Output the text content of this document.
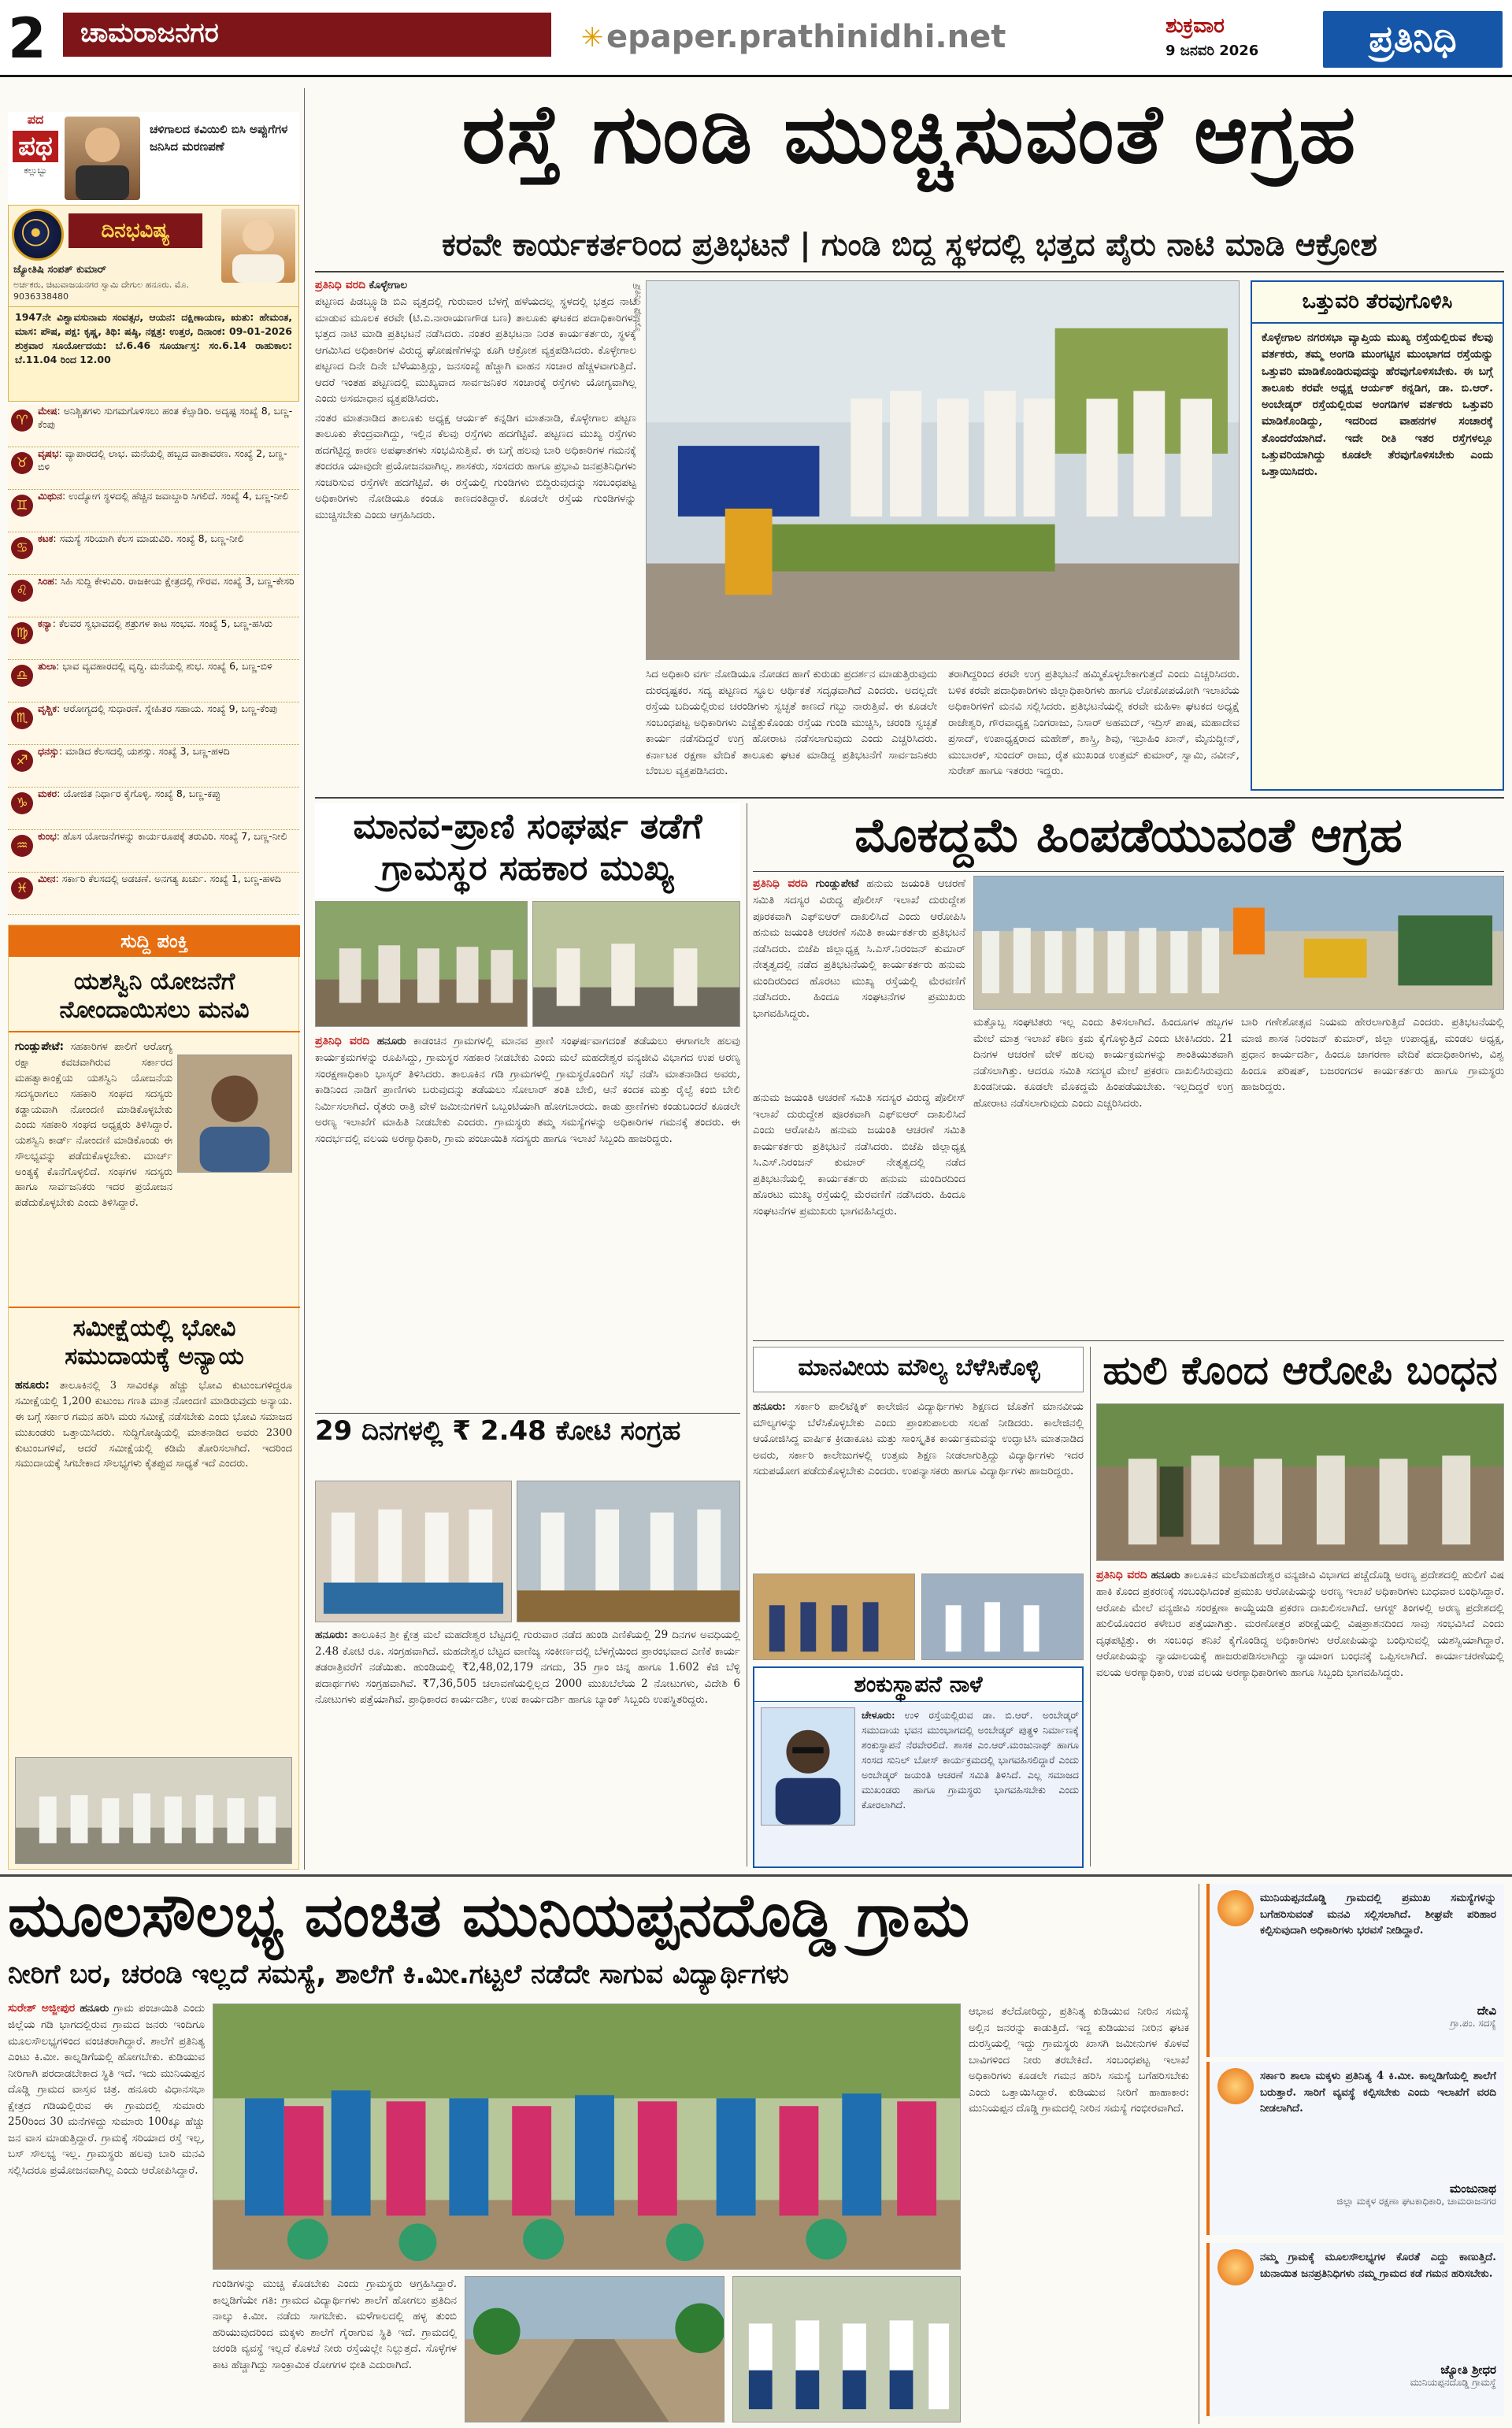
2	ಚಾಮರಾಜನಗರ	✳ epaper.prathinidhi.net	ಶುಕ್ರವಾರ
9 ಜನವರಿ 2026	ಪ್ರತಿನಿಧಿ
ಪದ
ಪಥ
ಕಲ್ಲುಬ್ಬು
ಚಳಿಗಾಲದ ಕವಿಯಿಲಿ ಬಿಸಿ ಅಪ್ಪುಗೆಗಳ ಜನಿಸಿದ ಮರಣಪಣೆ
ದಿನಭವಿಷ್ಯ
ಜ್ಯೋತಿಷಿ ಸಂಪತ್ ಕುಮಾರ್
ಅರ್ಚಕರು, ಚಿಟುವಾಜಯನಗರ ಸ್ವಾಮಿ ದೇಗುಲ ಹನೂರು. ಮೊ. 9036338480
1947ನೇ ವಿಶ್ವಾವಸುನಾಮ ಸಂವತ್ಸರ, ಆಯನ: ದಕ್ಷಿಣಾಯಣ, ಋತು: ಹೇಮಂತ, ಮಾಸ: ಪೌಷ, ಪಕ್ಷ: ಕೃಷ್ಣ, ತಿಥಿ: ಷಷ್ಠಿ, ನಕ್ಷತ್ರ: ಉತ್ತರ, ದಿನಾಂಕ: 09-01-2026 ಶುಕ್ರವಾರ ಸೂರ್ಯೋದಯ: ಬೆ.6.46 ಸೂರ್ಯಾಸ್ತ: ಸಂ.6.14 ರಾಹುಕಾಲ: ಬೆ.11.04 ರಿಂದ 12.00
♈
ಮೇಷ: ಅನಿಶ್ಚಿತಗಳು ಸುಗಮಗೊಳಿಸಲು ಹಂತ ಕೆಲ್ಸಾಡಿರಿ. ಅದೃಷ್ಟ ಸಂಖ್ಯೆ 8, ಬಣ್ಣ-ಕೆಂಪು
♉
ವೃಷಭ: ವ್ಯಾಪಾರದಲ್ಲಿ ಲಾಭ. ಮನೆಯಲ್ಲಿ ಹಬ್ಬದ ವಾತಾವರಣ. ಸಂಖ್ಯೆ 2, ಬಣ್ಣ-ಬಿಳಿ
♊
ಮಿಥುನ: ಉದ್ಯೋಗ ಸ್ಥಳದಲ್ಲಿ ಹೆಚ್ಚಿನ ಜವಾಬ್ದಾರಿ ಸಿಗಲಿದೆ. ಸಂಖ್ಯೆ 4, ಬಣ್ಣ-ನೀಲಿ
♋
ಕಟಕ: ಸಮಸ್ಯೆ ಸರಿಯಾಗಿ ಕೆಲಸ ಮಾಡುವಿರಿ. ಸಂಖ್ಯೆ 8, ಬಣ್ಣ-ನೀಲಿ
♌
ಸಿಂಹ: ಸಿಹಿ ಸುದ್ದಿ ಕೇಳುವಿರಿ. ರಾಜಕೀಯ ಕ್ಷೇತ್ರದಲ್ಲಿ ಗೌರವ. ಸಂಖ್ಯೆ 3, ಬಣ್ಣ-ಕೇಸರಿ
♍
ಕನ್ಯಾ: ಕೆಲವರ ಸ್ವಭಾವದಲ್ಲಿ ಶತ್ರುಗಳ ಕಾಟ ಸಂಭವ. ಸಂಖ್ಯೆ 5, ಬಣ್ಣ-ಹಸಿರು
♎
ತುಲಾ: ಭಾವ ವ್ಯವಹಾರದಲ್ಲಿ ವೃದ್ಧಿ. ಮನೆಯಲ್ಲಿ ಶುಭ. ಸಂಖ್ಯೆ 6, ಬಣ್ಣ-ಬಿಳಿ
♏
ವೃಶ್ಚಿಕ: ಆರೋಗ್ಯದಲ್ಲಿ ಸುಧಾರಣೆ. ಸ್ನೇಹಿತರ ಸಹಾಯ. ಸಂಖ್ಯೆ 9, ಬಣ್ಣ-ಕೆಂಪು
♐
ಧನಸ್ಸು: ಮಾಡಿದ ಕೆಲಸದಲ್ಲಿ ಯಶಸ್ಸು. ಸಂಖ್ಯೆ 3, ಬಣ್ಣ-ಹಳದಿ
♑
ಮಕರ: ಯೋಜಿತ ನಿರ್ಧಾರ ಕೈಗೊಳ್ಳಿ. ಸಂಖ್ಯೆ 8, ಬಣ್ಣ-ಕಪ್ಪು
♒
ಕುಂಭ: ಹೊಸ ಯೋಜನೆಗಳನ್ನು ಕಾರ್ಯರೂಪಕ್ಕೆ ತರುವಿರಿ. ಸಂಖ್ಯೆ 7, ಬಣ್ಣ-ನೀಲಿ
♓
ಮೀನ: ಸರ್ಕಾರಿ ಕೆಲಸದಲ್ಲಿ ಅಡಚಣೆ. ಅನಗತ್ಯ ಖರ್ಚು. ಸಂಖ್ಯೆ 1, ಬಣ್ಣ-ಹಳದಿ
ಸುದ್ದಿ ಪಂಕ್ತಿ
ಯಶಸ್ವಿನಿ ಯೋಜನೆಗೆ ನೋಂದಾಯಿಸಲು ಮನವಿ
ಗುಂಡ್ಲುಪೇಟೆ: ಸಹಕಾರಿಗಳ ಪಾಲಿಗೆ ಆರೋಗ್ಯ ರಕ್ಷಾ ಕವಚವಾಗಿರುವ ಸರ್ಕಾರದ ಮಹತ್ವಾಕಾಂಕ್ಷೆಯ ಯಶಸ್ವಿನಿ ಯೋಜನೆಯ ಸದಸ್ಯರಾಗಲು ಸಹಕಾರಿ ಸಂಘದ ಸದಸ್ಯರು ಕಡ್ಡಾಯವಾಗಿ ನೋಂದಣಿ ಮಾಡಿಕೊಳ್ಳಬೇಕು ಎಂದು ಸಹಕಾರಿ ಸಂಘದ ಅಧ್ಯಕ್ಷರು ತಿಳಿಸಿದ್ದಾರೆ. ಯಶಸ್ವಿನಿ ಕಾರ್ಡ್ ನೋಂದಣಿ ಮಾಡಿಕೊಂಡು ಈ ಸೌಲಭ್ಯವನ್ನು ಪಡೆದುಕೊಳ್ಳಬೇಕು. ಮಾರ್ಚ್ ಅಂತ್ಯಕ್ಕೆ ಕೊನೆಗೊಳ್ಳಲಿದೆ. ಸಂಘಗಳ ಸದಸ್ಯರು ಹಾಗೂ ಸಾರ್ವಜನಿಕರು ಇದರ ಪ್ರಯೋಜನ ಪಡೆದುಕೊಳ್ಳಬೇಕು ಎಂದು ತಿಳಿಸಿದ್ದಾರೆ.
ಸಮೀಕ್ಷೆಯಲ್ಲಿ ಭೋವಿ ಸಮುದಾಯಕ್ಕೆ ಅನ್ಯಾಯ
ಹನೂರು: ತಾಲೂಕಿನಲ್ಲಿ 3 ಸಾವಿರಕ್ಕೂ ಹೆಚ್ಚು ಭೋವಿ ಕುಟುಂಬಗಳಿದ್ದರೂ ಸಮೀಕ್ಷೆಯಲ್ಲಿ 1,200 ಕುಟುಂಬ ಗಣತಿ ಮಾತ್ರ ನೋಂದಣಿ ಮಾಡಿರುವುದು ಅನ್ಯಾಯ. ಈ ಬಗ್ಗೆ ಸರ್ಕಾರ ಗಮನ ಹರಿಸಿ ಮರು ಸಮೀಕ್ಷೆ ನಡೆಸಬೇಕು ಎಂದು ಭೋವಿ ಸಮಾಜದ ಮುಖಂಡರು ಒತ್ತಾಯಿಸಿದರು. ಸುದ್ದಿಗೋಷ್ಠಿಯಲ್ಲಿ ಮಾತನಾಡಿದ ಅವರು 2300 ಕುಟುಂಬಗಳಿವೆ, ಆದರೆ ಸಮೀಕ್ಷೆಯಲ್ಲಿ ಕಡಿಮೆ ತೋರಿಸಲಾಗಿದೆ. ಇದರಿಂದ ಸಮುದಾಯಕ್ಕೆ ಸಿಗಬೇಕಾದ ಸೌಲಭ್ಯಗಳು ಕೈತಪ್ಪುವ ಸಾಧ್ಯತೆ ಇದೆ ಎಂದರು.
ರಸ್ತೆ ಗುಂಡಿ ಮುಚ್ಚಿಸುವಂತೆ ಆಗ್ರಹ
ಕರವೇ ಕಾರ್ಯಕರ್ತರಿಂದ ಪ್ರತಿಭಟನೆ | ಗುಂಡಿ ಬಿದ್ದ ಸ್ಥಳದಲ್ಲಿ ಭತ್ತದ ಪೈರು ನಾಟಿ ಮಾಡಿ ಆಕ್ರೋಶ
ಪ್ರತಿನಿಧಿ ವರದಿ ಕೊಳ್ಳೇಗಾಲ

ಪಟ್ಟಣದ ಪಿಡಬ್ಲ್ಯೂಡಿ ಬಿಎ ವೃತ್ತದಲ್ಲಿ ಗುರುವಾರ ಬೆಳಗ್ಗೆ ಹಳೆಯದಲ್ಲ ಸ್ಥಳದಲ್ಲಿ ಭತ್ತದ ನಾಟಿ ಮಾಡುವ ಮೂಲಕ ಕರವೇ (ಟಿ.ಎ.ನಾರಾಯಣಗೌಡ ಬಣ) ತಾಲೂಕು ಘಟಕದ ಪದಾಧಿಕಾರಿಗಳು ಭತ್ತದ ನಾಟಿ ಮಾಡಿ ಪ್ರತಿಭಟನೆ ನಡೆಸಿದರು. ನಂತರ ಪ್ರತಿಭಟನಾ ನಿರತ ಕಾರ್ಯಕರ್ತರು, ಸ್ಥಳಕ್ಕೆ ಆಗಮಿಸಿದ ಅಧಿಕಾರಿಗಳ ವಿರುದ್ಧ ಘೋಷಣೆಗಳನ್ನು ಕೂಗಿ ಆಕ್ರೋಶ ವ್ಯಕ್ತಪಡಿಸಿದರು. ಕೊಳ್ಳೇಗಾಲ ಪಟ್ಟಣದ ದಿನೇ ದಿನೇ ಬೆಳೆಯುತ್ತಿದ್ದು, ಜನಸಂಖ್ಯೆ ಹೆಚ್ಚಾಗಿ ವಾಹನ ಸಂಚಾರ ಹೆಚ್ಚಳವಾಗುತ್ತಿದೆ. ಆದರೆ ಇಂತಹ ಪಟ್ಟಣದಲ್ಲಿ ಮುಖ್ಯವಾದ ಸಾರ್ವಜನಿಕರ ಸಂಚಾರಕ್ಕೆ ರಸ್ತೆಗಳು ಯೋಗ್ಯವಾಗಿಲ್ಲ ಎಂದು ಅಸಮಾಧಾನ ವ್ಯಕ್ತಪಡಿಸಿದರು.

ನಂತರ ಮಾತನಾಡಿದ ತಾಲೂಕು ಅಧ್ಯಕ್ಷ ಆರ್ಯಕ್ ಕನ್ನಡಿಗ ಮಾತನಾಡಿ, ಕೊಳ್ಳೇಗಾಲ ಪಟ್ಟಣ ತಾಲೂಕು ಕೇಂದ್ರವಾಗಿದ್ದು, ಇಲ್ಲಿನ ಕೆಲವು ರಸ್ತೆಗಳು ಹದಗೆಟ್ಟಿವೆ. ಪಟ್ಟಣದ ಮುಖ್ಯ ರಸ್ತೆಗಳು ಹದಗೆಟ್ಟಿದ್ದ ಕಾರಣ ಅಪಘಾತಗಳು ಸಂಭವಿಸುತ್ತಿವೆ. ಈ ಬಗ್ಗೆ ಹಲವು ಬಾರಿ ಅಧಿಕಾರಿಗಳ ಗಮನಕ್ಕೆ ತಂದರೂ ಯಾವುದೇ ಪ್ರಯೋಜನವಾಗಿಲ್ಲ. ಶಾಸಕರು, ಸಂಸದರು ಹಾಗೂ ಪ್ರಭಾವಿ ಜನಪ್ರತಿನಿಧಿಗಳು ಸಂಚರಿಸುವ ರಸ್ತೆಗಳೇ ಹದಗೆಟ್ಟಿವೆ. ಈ ರಸ್ತೆಯಲ್ಲಿ ಗುಂಡಿಗಳು ಬಿದ್ದಿರುವುದನ್ನು ಸಂಬಂಧಪಟ್ಟ ಅಧಿಕಾರಿಗಳು ನೋಡಿಯೂ ಕಂಡೂ ಕಾಣದಂತಿದ್ದಾರೆ. ಕೂಡಲೇ ರಸ್ತೆಯ ಗುಂಡಿಗಳನ್ನು ಮುಚ್ಚಿಸಬೇಕು ಎಂದು ಆಗ್ರಹಿಸಿದರು.

ಪ್ರತಿನಿಧಿ ಫೋಟೊ
ಸಿದ ಅಧಿಕಾರಿ ವರ್ಗ ನೋಡಿಯೂ ನೋಡದ ಹಾಗೆ ಕುರುಡು ಪ್ರದರ್ಶನ ಮಾಡುತ್ತಿರುವುದು ದುರದೃಷ್ಟಕರ. ಸದ್ಯ ಪಟ್ಟಣದ ಸ್ಥೂಲ ಆರ್ಥಿಕತೆ ಸದೃಢವಾಗಿದೆ ಎಂದರು. ಅದಲ್ಲದೇ ರಸ್ತೆಯ ಬದಿಯಲ್ಲಿರುವ ಚರಂಡಿಗಳು ಸ್ವಚ್ಛತೆ ಕಾಣದೆ ಗಬ್ಬು ನಾರುತ್ತಿವೆ. ಈ ಕೂಡಲೇ ಸಂಬಂಧಪಟ್ಟ ಅಧಿಕಾರಿಗಳು ಎಚ್ಚೆತ್ತುಕೊಂಡು ರಸ್ತೆಯ ಗುಂಡಿ ಮುಚ್ಚಿಸಿ, ಚರಂಡಿ ಸ್ವಚ್ಛತೆ ಕಾರ್ಯ ನಡೆಸದಿದ್ದರೆ ಉಗ್ರ ಹೋರಾಟ ನಡೆಸಲಾಗುವುದು ಎಂದು ಎಚ್ಚರಿಸಿದರು. ಕರ್ನಾಟಕ ರಕ್ಷಣಾ ವೇದಿಕೆ ತಾಲೂಕು ಘಟಕ ಮಾಡಿದ್ದ ಪ್ರತಿಭಟನೆಗೆ ಸಾರ್ವಜನಿಕರು ಬೆಂಬಲ ವ್ಯಕ್ತಪಡಿಸಿದರು.
ತರಾಗಿದ್ದರಿಂದ ಕರವೇ ಉಗ್ರ ಪ್ರತಿಭಟನೆ ಹಮ್ಮಿಕೊಳ್ಳಬೇಕಾಗುತ್ತದೆ ಎಂದು ಎಚ್ಚರಿಸಿದರು. ಬಳಿಕ ಕರವೇ ಪದಾಧಿಕಾರಿಗಳು ಜಿಲ್ಲಾಧಿಕಾರಿಗಳು ಹಾಗೂ ಲೋಕೋಪಯೋಗಿ ಇಲಾಖೆಯ ಅಧಿಕಾರಿಗಳಿಗೆ ಮನವಿ ಸಲ್ಲಿಸಿದರು. ಪ್ರತಿಭಟನೆಯಲ್ಲಿ ಕರವೇ ಮಹಿಳಾ ಘಟಕದ ಅಧ್ಯಕ್ಷೆ ರಾಜೇಶ್ವರಿ, ಗೌರವಾಧ್ಯಕ್ಷ ನಿಂಗರಾಜು, ನಿಸಾರ್ ಅಹಮದ್, ಇದ್ರಿಸ್ ಪಾಷ, ಮಹಾದೇವ ಪ್ರಸಾದ್, ಉಪಾಧ್ಯಕ್ಷರಾದ ಮಹೇಶ್, ಶಾಸ್ತ್ರಿ, ಶಿವು, ಇಬ್ರಾಹಿಂ ಖಾನ್, ಮೈನುದ್ದೀನ್, ಮುಬಾರಕ್, ಸುಂದರ್ ರಾಜು, ರೈತ ಮುಖಂಡ ಉತ್ತಮ್ ಕುಮಾರ್, ಸ್ವಾಮಿ, ನವೀನ್, ಸುರೇಶ್ ಹಾಗೂ ಇತರರು ಇದ್ದರು.
ಒತ್ತುವರಿ ತೆರವುಗೊಳಿಸಿ
ಕೊಳ್ಳೇಗಾಲ ನಗರಸಭಾ ವ್ಯಾಪ್ತಿಯ ಮುಖ್ಯ ರಸ್ತೆಯಲ್ಲಿರುವ ಕೆಲವು ವರ್ತಕರು, ತಮ್ಮ ಅಂಗಡಿ ಮುಂಗಟ್ಟಿನ ಮುಂಭಾಗದ ರಸ್ತೆಯನ್ನು ಒತ್ತುವರಿ ಮಾಡಿಕೊಂಡಿರುವುದನ್ನು ಹೆರವುಗೊಳಿಸಬೇಕು. ಈ ಬಗ್ಗೆ ತಾಲೂಕು ಕರವೇ ಅಧ್ಯಕ್ಷ ಆರ್ಯಕ್ ಕನ್ನಡಿಗ, ಡಾ. ಬಿ.ಆರ್. ಅಂಬೇಡ್ಕರ್ ರಸ್ತೆಯಲ್ಲಿರುವ ಅಂಗಡಿಗಳ ವರ್ತಕರು ಒತ್ತುವರಿ ಮಾಡಿಕೊಂಡಿದ್ದು, ಇದರಿಂದ ವಾಹನಗಳ ಸಂಚಾರಕ್ಕೆ ತೊಂದರೆಯಾಗಿದೆ. ಇದೇ ರೀತಿ ಇತರ ರಸ್ತೆಗಳಲ್ಲೂ ಒತ್ತುವರಿಯಾಗಿದ್ದು ಕೂಡಲೇ ತೆರವುಗೊಳಿಸಬೇಕು ಎಂದು ಒತ್ತಾಯಿಸಿದರು.
ಮಾನವ-ಪ್ರಾಣಿ ಸಂಘರ್ಷ ತಡೆಗೆ ಗ್ರಾಮಸ್ಥರ ಸಹಕಾರ ಮುಖ್ಯ
ಪ್ರತಿನಿಧಿ ವರದಿ ಹನೂರು ಕಾಡಂಚಿನ ಗ್ರಾಮಗಳಲ್ಲಿ ಮಾನವ ಪ್ರಾಣಿ ಸಂಘರ್ಷವಾಗದಂತೆ ತಡೆಯಲು ಈಗಾಗಲೇ ಹಲವು ಕಾರ್ಯಕ್ರಮಗಳನ್ನು ರೂಪಿಸಿದ್ದು, ಗ್ರಾಮಸ್ಥರ ಸಹಕಾರ ನೀಡಬೇಕು ಎಂದು ಮಲೆ ಮಹದೇಶ್ವರ ವನ್ಯಜೀವಿ ವಿಭಾಗದ ಉಪ ಅರಣ್ಯ ಸಂರಕ್ಷಣಾಧಿಕಾರಿ ಭಾಸ್ಕರ್ ತಿಳಿಸಿದರು. ತಾಲೂಕಿನ ಗಡಿ ಗ್ರಾಮಗಳಲ್ಲಿ ಗ್ರಾಮಸ್ಥರೊಂದಿಗೆ ಸಭೆ ನಡೆಸಿ ಮಾತನಾಡಿದ ಅವರು, ಕಾಡಿನಿಂದ ನಾಡಿಗೆ ಪ್ರಾಣಿಗಳು ಬರುವುದನ್ನು ತಡೆಯಲು ಸೋಲಾರ್ ತಂತಿ ಬೇಲಿ, ಆನೆ ಕಂದಕ ಮತ್ತು ರೈಲ್ವೆ ಕಂಬಿ ಬೇಲಿ ನಿರ್ಮಿಸಲಾಗಿದೆ. ರೈತರು ರಾತ್ರಿ ವೇಳೆ ಜಮೀನುಗಳಿಗೆ ಒಬ್ಬಂಟಿಯಾಗಿ ಹೋಗಬಾರದು. ಕಾಡು ಪ್ರಾಣಿಗಳು ಕಂಡುಬಂದರೆ ಕೂಡಲೇ ಅರಣ್ಯ ಇಲಾಖೆಗೆ ಮಾಹಿತಿ ನೀಡಬೇಕು ಎಂದರು. ಗ್ರಾಮಸ್ಥರು ತಮ್ಮ ಸಮಸ್ಯೆಗಳನ್ನು ಅಧಿಕಾರಿಗಳ ಗಮನಕ್ಕೆ ತಂದರು. ಈ ಸಂದರ್ಭದಲ್ಲಿ ವಲಯ ಅರಣ್ಯಾಧಿಕಾರಿ, ಗ್ರಾಮ ಪಂಚಾಯಿತಿ ಸದಸ್ಯರು ಹಾಗೂ ಇಲಾಖೆ ಸಿಬ್ಬಂದಿ ಹಾಜರಿದ್ದರು.
ಮೊಕದ್ದಮೆ ಹಿಂಪಡೆಯುವಂತೆ ಆಗ್ರಹ
ಪ್ರತಿನಿಧಿ ವರದಿ ಗುಂಡ್ಲುಪೇಟೆ ಹನುಮ ಜಯಂತಿ ಆಚರಣೆ ಸಮಿತಿ ಸದಸ್ಯರ ವಿರುದ್ಧ ಪೊಲೀಸ್ ಇಲಾಖೆ ದುರುದ್ದೇಶ ಪೂರಕವಾಗಿ ಎಫ್ಐಆರ್ ದಾಖಲಿಸಿದೆ ಎಂದು ಆರೋಪಿಸಿ ಹನುಮ ಜಯಂತಿ ಆಚರಣೆ ಸಮಿತಿ ಕಾರ್ಯಕರ್ತರು ಪ್ರತಿಭಟನೆ ನಡೆಸಿದರು. ಬಿಜೆಪಿ ಜಿಲ್ಲಾಧ್ಯಕ್ಷ ಸಿ.ಎಸ್.ನಿರಂಜನ್ ಕುಮಾರ್ ನೇತೃತ್ವದಲ್ಲಿ ನಡೆದ ಪ್ರತಿಭಟನೆಯಲ್ಲಿ ಕಾರ್ಯಕರ್ತರು ಹನುಮ ಮಂದಿರದಿಂದ ಹೊರಟು ಮುಖ್ಯ ರಸ್ತೆಯಲ್ಲಿ ಮೆರವಣಿಗೆ ನಡೆಸಿದರು. ಹಿಂದೂ ಸಂಘಟನೆಗಳ ಪ್ರಮುಖರು ಭಾಗವಹಿಸಿದ್ದರು.
ಮತ್ತೊಬ್ಬ ಸಂಘಟಿತರು ಇಲ್ಲ ಎಂದು ತಿಳಿಸಲಾಗಿದೆ. ಹಿಂದೂಗಳ ಹಬ್ಬಗಳ ಮೇಲೆ ಮಾತ್ರ ಇಲಾಖೆ ಕಠಿಣ ಕ್ರಮ ಕೈಗೊಳ್ಳುತ್ತಿದೆ ಎಂದು ಟೀಕಿಸಿದರು. 21 ದಿನಗಳ ಆಚರಣೆ ವೇಳೆ ಹಲವು ಕಾರ್ಯಕ್ರಮಗಳನ್ನು ಶಾಂತಿಯುತವಾಗಿ ನಡೆಸಲಾಗಿತ್ತು. ಆದರೂ ಸಮಿತಿ ಸದಸ್ಯರ ಮೇಲೆ ಪ್ರಕರಣ ದಾಖಲಿಸಿರುವುದು ಖಂಡನೀಯ. ಕೂಡಲೇ ಮೊಕದ್ದಮೆ ಹಿಂಪಡೆಯಬೇಕು. ಇಲ್ಲದಿದ್ದರೆ ಉಗ್ರ ಹೋರಾಟ ನಡೆಸಲಾಗುವುದು ಎಂದು ಎಚ್ಚರಿಸಿದರು.
ಬಾರಿ ಗಣೇಶೋತ್ಸವ ನಿಯಮ ಹೇರಲಾಗುತ್ತಿದೆ ಎಂದರು. ಪ್ರತಿಭಟನೆಯಲ್ಲಿ ಮಾಜಿ ಶಾಸಕ ನಿರಂಜನ್ ಕುಮಾರ್, ಜಿಲ್ಲಾ ಉಪಾಧ್ಯಕ್ಷ, ಮಂಡಲ ಅಧ್ಯಕ್ಷ, ಪ್ರಧಾನ ಕಾರ್ಯದರ್ಶಿ, ಹಿಂದೂ ಜಾಗರಣಾ ವೇದಿಕೆ ಪದಾಧಿಕಾರಿಗಳು, ವಿಶ್ವ ಹಿಂದೂ ಪರಿಷತ್, ಬಜರಂಗದಳ ಕಾರ್ಯಕರ್ತರು ಹಾಗೂ ಗ್ರಾಮಸ್ಥರು ಹಾಜರಿದ್ದರು.
ಹನುಮ ಜಯಂತಿ ಆಚರಣೆ ಸಮಿತಿ ಸದಸ್ಯರ ವಿರುದ್ಧ ಪೊಲೀಸ್ ಇಲಾಖೆ ದುರುದ್ದೇಶ ಪೂರಕವಾಗಿ ಎಫ್ಐಆರ್ ದಾಖಲಿಸಿದೆ ಎಂದು ಆರೋಪಿಸಿ ಹನುಮ ಜಯಂತಿ ಆಚರಣೆ ಸಮಿತಿ ಕಾರ್ಯಕರ್ತರು ಪ್ರತಿಭಟನೆ ನಡೆಸಿದರು. ಬಿಜೆಪಿ ಜಿಲ್ಲಾಧ್ಯಕ್ಷ ಸಿ.ಎಸ್.ನಿರಂಜನ್ ಕುಮಾರ್ ನೇತೃತ್ವದಲ್ಲಿ ನಡೆದ ಪ್ರತಿಭಟನೆಯಲ್ಲಿ ಕಾರ್ಯಕರ್ತರು ಹನುಮ ಮಂದಿರದಿಂದ ಹೊರಟು ಮುಖ್ಯ ರಸ್ತೆಯಲ್ಲಿ ಮೆರವಣಿಗೆ ನಡೆಸಿದರು. ಹಿಂದೂ ಸಂಘಟನೆಗಳ ಪ್ರಮುಖರು ಭಾಗವಹಿಸಿದ್ದರು.
ಮಾನವೀಯ ಮೌಲ್ಯ ಬೆಳೆಸಿಕೊಳ್ಳಿ
ಹನೂರು: ಸರ್ಕಾರಿ ಪಾಲಿಟೆಕ್ನಿಕ್ ಕಾಲೇಜಿನ ವಿದ್ಯಾರ್ಥಿಗಳು ಶಿಕ್ಷಣದ ಜೊತೆಗೆ ಮಾನವೀಯ ಮೌಲ್ಯಗಳನ್ನು ಬೆಳೆಸಿಕೊಳ್ಳಬೇಕು ಎಂದು ಪ್ರಾಂಶುಪಾಲರು ಸಲಹೆ ನೀಡಿದರು. ಕಾಲೇಜಿನಲ್ಲಿ ಆಯೋಜಿಸಿದ್ದ ವಾರ್ಷಿಕ ಕ್ರೀಡಾಕೂಟ ಮತ್ತು ಸಾಂಸ್ಕೃತಿಕ ಕಾರ್ಯಕ್ರಮವನ್ನು ಉದ್ಘಾಟಿಸಿ ಮಾತನಾಡಿದ ಅವರು, ಸರ್ಕಾರಿ ಕಾಲೇಜುಗಳಲ್ಲಿ ಉತ್ತಮ ಶಿಕ್ಷಣ ನೀಡಲಾಗುತ್ತಿದ್ದು ವಿದ್ಯಾರ್ಥಿಗಳು ಇದರ ಸದುಪಯೋಗ ಪಡೆದುಕೊಳ್ಳಬೇಕು ಎಂದರು. ಉಪನ್ಯಾಸಕರು ಹಾಗೂ ವಿದ್ಯಾರ್ಥಿಗಳು ಹಾಜರಿದ್ದರು.
ಹುಲಿ ಕೊಂದ ಆರೋಪಿ ಬಂಧನ
ಪ್ರತಿನಿಧಿ ವರದಿ ಹನೂರು ತಾಲೂಕಿನ ಮಲೆಮಹದೇಶ್ವರ ವನ್ಯಜೀವಿ ವಿಭಾಗದ ಪಚ್ಚೆದೊಡ್ಡಿ ಅರಣ್ಯ ಪ್ರದೇಶದಲ್ಲಿ ಹುಲಿಗೆ ವಿಷ ಹಾಕಿ ಕೊಂದ ಪ್ರಕರಣಕ್ಕೆ ಸಂಬಂಧಿಸಿದಂತೆ ಪ್ರಮುಖ ಆರೋಪಿಯನ್ನು ಅರಣ್ಯ ಇಲಾಖೆ ಅಧಿಕಾರಿಗಳು ಬುಧವಾರ ಬಂಧಿಸಿದ್ದಾರೆ. ಆರೋಪಿ ಮೇಲೆ ವನ್ಯಜೀವಿ ಸಂರಕ್ಷಣಾ ಕಾಯ್ದೆಯಡಿ ಪ್ರಕರಣ ದಾಖಲಿಸಲಾಗಿದೆ. ಆಗಸ್ಟ್ ತಿಂಗಳಲ್ಲಿ ಅರಣ್ಯ ಪ್ರದೇಶದಲ್ಲಿ ಹುಲಿಯೊಂದರ ಕಳೇಬರ ಪತ್ತೆಯಾಗಿತ್ತು. ಮರಣೋತ್ತರ ಪರೀಕ್ಷೆಯಲ್ಲಿ ವಿಷಪ್ರಾಶನದಿಂದ ಸಾವು ಸಂಭವಿಸಿದೆ ಎಂದು ದೃಢಪಟ್ಟಿತ್ತು. ಈ ಸಂಬಂಧ ತನಿಖೆ ಕೈಗೊಂಡಿದ್ದ ಅಧಿಕಾರಿಗಳು ಆರೋಪಿಯನ್ನು ಬಂಧಿಸುವಲ್ಲಿ ಯಶಸ್ವಿಯಾಗಿದ್ದಾರೆ. ಆರೋಪಿಯನ್ನು ನ್ಯಾಯಾಲಯಕ್ಕೆ ಹಾಜರುಪಡಿಸಲಾಗಿದ್ದು ನ್ಯಾಯಾಂಗ ಬಂಧನಕ್ಕೆ ಒಪ್ಪಿಸಲಾಗಿದೆ. ಕಾರ್ಯಾಚರಣೆಯಲ್ಲಿ ವಲಯ ಅರಣ್ಯಾಧಿಕಾರಿ, ಉಪ ವಲಯ ಅರಣ್ಯಾಧಿಕಾರಿಗಳು ಹಾಗೂ ಸಿಬ್ಬಂದಿ ಭಾಗವಹಿಸಿದ್ದರು.
29 ದಿನಗಳಲ್ಲಿ ₹ 2.48 ಕೋಟಿ ಸಂಗ್ರಹ
ಹನೂರು: ತಾಲೂಕಿನ ಶ್ರೀ ಕ್ಷೇತ್ರ ಮಲೆ ಮಹದೇಶ್ವರ ಬೆಟ್ಟದಲ್ಲಿ ಗುರುವಾರ ನಡೆದ ಹುಂಡಿ ಎಣಿಕೆಯಲ್ಲಿ 29 ದಿನಗಳ ಅವಧಿಯಲ್ಲಿ 2.48 ಕೋಟಿ ರೂ. ಸಂಗ್ರಹವಾಗಿದೆ. ಮಹದೇಶ್ವರ ಬೆಟ್ಟದ ವಾಣಿಜ್ಯ ಸಂಕೀರ್ಣದಲ್ಲಿ ಬೆಳಗ್ಗೆಯಿಂದ ಪ್ರಾರಂಭವಾದ ಎಣಿಕೆ ಕಾರ್ಯ ತಡರಾತ್ರಿವರೆಗೆ ನಡೆಯಿತು. ಹುಂಡಿಯಲ್ಲಿ ₹2,48,02,179 ನಗದು, 35 ಗ್ರಾಂ ಚಿನ್ನ ಹಾಗೂ 1.602 ಕೆಜಿ ಬೆಳ್ಳಿ ಪದಾರ್ಥಗಳು ಸಂಗ್ರಹವಾಗಿವೆ. ₹7,36,505 ಚಲಾವಣೆಯಲ್ಲಿಲ್ಲದ 2000 ಮುಖಬೆಲೆಯ 2 ನೋಟುಗಳು, ವಿದೇಶಿ 6 ನೋಟುಗಳು ಪತ್ತೆಯಾಗಿವೆ. ಪ್ರಾಧಿಕಾರದ ಕಾರ್ಯದರ್ಶಿ, ಉಪ ಕಾರ್ಯದರ್ಶಿ ಹಾಗೂ ಬ್ಯಾಂಕ್ ಸಿಬ್ಬಂದಿ ಉಪಸ್ಥಿತರಿದ್ದರು.
ಶಂಕುಸ್ಥಾಪನೆ ನಾಳೆ
ಚೇಳೂರು: ಉಳಿ ರಸ್ತೆಯಲ್ಲಿರುವ ಡಾ. ಬಿ.ಆರ್. ಅಂಬೇಡ್ಕರ್ ಸಮುದಾಯ ಭವನ ಮುಂಭಾಗದಲ್ಲಿ ಅಂಬೇಡ್ಕರ್ ಪುತ್ಥಳಿ ನಿರ್ಮಾಣಕ್ಕೆ ಶಂಕುಸ್ಥಾಪನೆ ನೆರವೇರಲಿದೆ. ಶಾಸಕ ಎಂ.ಆರ್.ಮಂಜುನಾಥ್ ಹಾಗೂ ಸಂಸದ ಸುನಿಲ್ ಬೋಸ್ ಕಾರ್ಯಕ್ರಮದಲ್ಲಿ ಭಾಗವಹಿಸಲಿದ್ದಾರೆ ಎಂದು ಅಂಬೇಡ್ಕರ್ ಜಯಂತಿ ಆಚರಣೆ ಸಮಿತಿ ತಿಳಿಸಿದೆ. ಎಲ್ಲ ಸಮಾಜದ ಮುಖಂಡರು ಹಾಗೂ ಗ್ರಾಮಸ್ಥರು ಭಾಗವಹಿಸಬೇಕು ಎಂದು ಕೋರಲಾಗಿದೆ.
ಮೂಲಸೌಲಭ್ಯ ವಂಚಿತ ಮುನಿಯಪ್ಪನದೊಡ್ಡಿ ಗ್ರಾಮ
ನೀರಿಗೆ ಬರ, ಚರಂಡಿ ಇಲ್ಲದೆ ಸಮಸ್ಯೆ, ಶಾಲೆಗೆ ಕಿ.ಮೀ.ಗಟ್ಟಲೆ ನಡೆದೇ ಸಾಗುವ ವಿದ್ಯಾರ್ಥಿಗಳು
ಸುರೇಶ್ ಅಜ್ಜೀಪುರ ಹನೂರು ಗ್ರಾಮ ಪಂಚಾಯಿತಿ ಎಂದು ಜಿಲ್ಲೆಯ ಗಡಿ ಭಾಗದಲ್ಲಿರುವ ಗ್ರಾಮದ ಜನರು ಇಂದಿಗೂ ಮೂಲಸೌಲಭ್ಯಗಳಿಂದ ವಂಚಿತರಾಗಿದ್ದಾರೆ. ಶಾಲೆಗೆ ಪ್ರತಿನಿತ್ಯ ಎಂಟು ಕಿ.ಮೀ. ಕಾಲ್ನಡಿಗೆಯಲ್ಲಿ ಹೋಗಬೇಕು. ಕುಡಿಯುವ ನೀರಿಗಾಗಿ ಪರದಾಡಬೇಕಾದ ಸ್ಥಿತಿ ಇದೆ. ಇದು ಮುನಿಯಪ್ಪನ ದೊಡ್ಡಿ ಗ್ರಾಮದ ವಾಸ್ತವ ಚಿತ್ರ. ಹನೂರು ವಿಧಾನಸಭಾ ಕ್ಷೇತ್ರದ ಗಡಿಯಲ್ಲಿರುವ ಈ ಗ್ರಾಮದಲ್ಲಿ ಸುಮಾರು 250ರಿಂದ 30 ಮನೆಗಳಿದ್ದು ಸುಮಾರು 100ಕ್ಕೂ ಹೆಚ್ಚು ಜನ ವಾಸ ಮಾಡುತ್ತಿದ್ದಾರೆ. ಗ್ರಾಮಕ್ಕೆ ಸರಿಯಾದ ರಸ್ತೆ ಇಲ್ಲ, ಬಸ್ ಸೌಲಭ್ಯ ಇಲ್ಲ. ಗ್ರಾಮಸ್ಥರು ಹಲವು ಬಾರಿ ಮನವಿ ಸಲ್ಲಿಸಿದರೂ ಪ್ರಯೋಜನವಾಗಿಲ್ಲ ಎಂದು ಆರೋಪಿಸಿದ್ದಾರೆ.
ಗುಂಡಿಗಳನ್ನು ಮುಚ್ಚಿ ಕೊಡಬೇಕು ಎಂದು ಗ್ರಾಮಸ್ಥರು ಆಗ್ರಹಿಸಿದ್ದಾರೆ. ಕಾಲ್ನಡಿಗೆಯೇ ಗತಿ: ಗ್ರಾಮದ ವಿದ್ಯಾರ್ಥಿಗಳು ಶಾಲೆಗೆ ಹೋಗಲು ಪ್ರತಿದಿನ ನಾಲ್ಕು ಕಿ.ಮೀ. ನಡೆದು ಸಾಗಬೇಕು. ಮಳೆಗಾಲದಲ್ಲಿ ಹಳ್ಳ ತುಂಬಿ ಹರಿಯುವುದರಿಂದ ಮಕ್ಕಳು ಶಾಲೆಗೆ ಗೈರಾಗುವ ಸ್ಥಿತಿ ಇದೆ. ಗ್ರಾಮದಲ್ಲಿ ಚರಂಡಿ ವ್ಯವಸ್ಥೆ ಇಲ್ಲದೆ ಕೊಳಚೆ ನೀರು ರಸ್ತೆಯಲ್ಲೇ ನಿಲ್ಲುತ್ತದೆ. ಸೊಳ್ಳೆಗಳ ಕಾಟ ಹೆಚ್ಚಾಗಿದ್ದು ಸಾಂಕ್ರಾಮಿಕ ರೋಗಗಳ ಭೀತಿ ಎದುರಾಗಿದೆ.
ಆಭಾವ ತಲೆದೋರಿದ್ದು, ಪ್ರತಿನಿತ್ಯ ಕುಡಿಯುವ ನೀರಿನ ಸಮಸ್ಯೆ ಅಲ್ಲಿನ ಜನರನ್ನು ಕಾಡುತ್ತಿದೆ. ಇದ್ದ ಕುಡಿಯುವ ನೀರಿನ ಘಟಕ ದುರಸ್ತಿಯಲ್ಲಿ ಇದ್ದು ಗ್ರಾಮಸ್ಥರು ಖಾಸಗಿ ಜಮೀನುಗಳ ಕೊಳವೆ ಬಾವಿಗಳಿಂದ ನೀರು ತರಬೇಕಿದೆ. ಸಂಬಂಧಪಟ್ಟ ಇಲಾಖೆ ಅಧಿಕಾರಿಗಳು ಕೂಡಲೇ ಗಮನ ಹರಿಸಿ ಸಮಸ್ಯೆ ಬಗೆಹರಿಸಬೇಕು ಎಂದು ಒತ್ತಾಯಿಸಿದ್ದಾರೆ. ಕುಡಿಯುವ ನೀರಿಗೆ ಹಾಹಾಕಾರ: ಮುನಿಯಪ್ಪನ ದೊಡ್ಡಿ ಗ್ರಾಮದಲ್ಲಿ ನೀರಿನ ಸಮಸ್ಯೆ ಗಂಭೀರವಾಗಿದೆ.
ಮುನಿಯಪ್ಪನದೊಡ್ಡಿ ಗ್ರಾಮದಲ್ಲಿ ಪ್ರಮುಖ ಸಮಸ್ಯೆಗಳನ್ನು ಬಗೆಹರಿಸುವಂತೆ ಮನವಿ ಸಲ್ಲಿಸಲಾಗಿದೆ. ಶೀಘ್ರವೇ ಪರಿಹಾರ ಕಲ್ಪಿಸುವುದಾಗಿ ಅಧಿಕಾರಿಗಳು ಭರವಸೆ ನೀಡಿದ್ದಾರೆ.
ದೇವಿ
ಗ್ರಾ.ಪಂ. ಸದಸ್ಯೆ
ಸರ್ಕಾರಿ ಶಾಲಾ ಮಕ್ಕಳು ಪ್ರತಿನಿತ್ಯ 4 ಕಿ.ಮೀ. ಕಾಲ್ನಡಿಗೆಯಲ್ಲಿ ಶಾಲೆಗೆ ಬರುತ್ತಾರೆ. ಸಾರಿಗೆ ವ್ಯವಸ್ಥೆ ಕಲ್ಪಿಸಬೇಕು ಎಂದು ಇಲಾಖೆಗೆ ವರದಿ ನೀಡಲಾಗಿದೆ.
ಮಂಜುನಾಥ
ಜಿಲ್ಲಾ ಮಕ್ಕಳ ರಕ್ಷಣಾ ಘಟಕಾಧಿಕಾರಿ, ಚಾಮರಾಜನಗರ
ನಮ್ಮ ಗ್ರಾಮಕ್ಕೆ ಮೂಲಸೌಲಭ್ಯಗಳ ಕೊರತೆ ಎದ್ದು ಕಾಣುತ್ತಿದೆ. ಚುನಾಯಿತ ಜನಪ್ರತಿನಿಧಿಗಳು ನಮ್ಮ ಗ್ರಾಮದ ಕಡೆ ಗಮನ ಹರಿಸಬೇಕು.
ಜ್ಯೋತಿ ಶ್ರೀಧರ
ಮುನಿಯಪ್ಪನದೊಡ್ಡಿ ಗ್ರಾಮಸ್ಥೆ
